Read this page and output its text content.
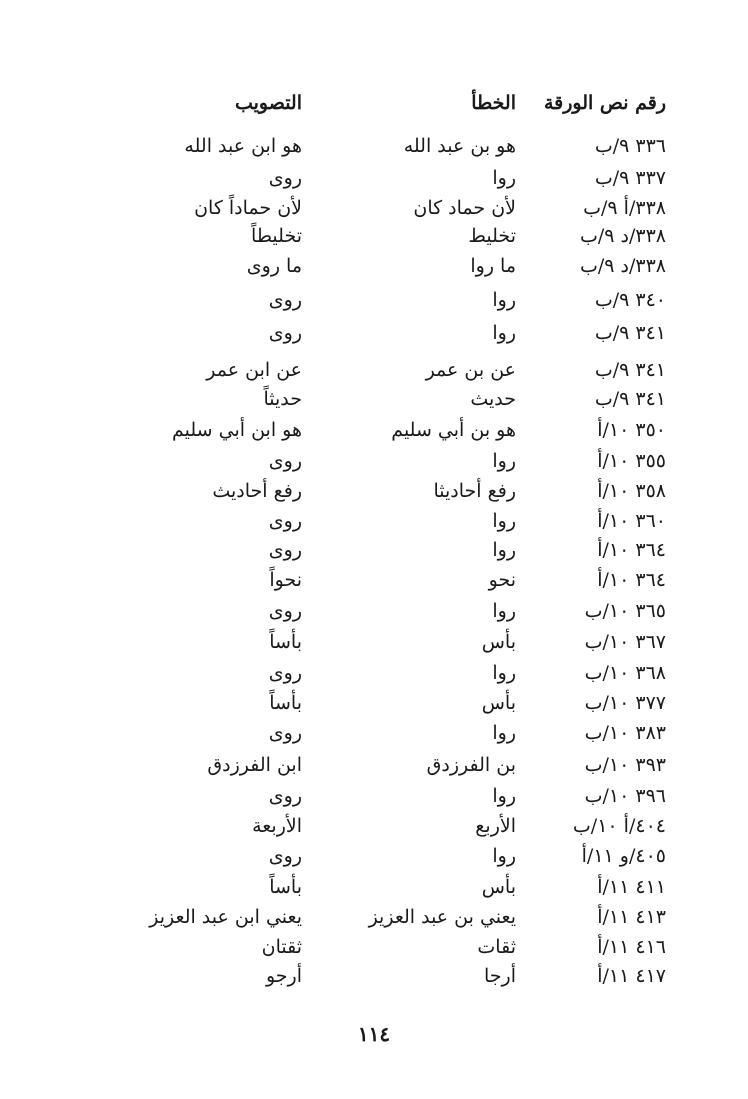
رقم نص الورقة
الخطأ
التصويب
٣٣٦ ٩/ب
هو بن عبد الله
هو ابن عبد الله
٣٣٧ ٩/ب
روا
روى
٣٣٨/أ ٩/ب
لأن حماد كان
لأن حماداً كان
٣٣٨/د ٩/ب
تخليط
تخليطاً
٣٣٨/د ٩/ب
ما روا
ما روى
٣٤٠ ٩/ب
روا
روى
٣٤١ ٩/ب
روا
روى
٣٤١ ٩/ب
عن بن عمر
عن ابن عمر
٣٤١ ٩/ب
حديث
حديثاً
٣٥٠ ١٠/أ
هو بن أبي سليم
هو ابن أبي سليم
٣٥٥ ١٠/أ
روا
روى
٣٥٨ ١٠/أ
رفع أحاديثا
رفع أحاديث
٣٦٠ ١٠/أ
روا
روى
٣٦٤ ١٠/أ
روا
روى
٣٦٤ ١٠/أ
نحو
نحواً
٣٦٥ ١٠/ب
روا
روى
٣٦٧ ١٠/ب
بأس
بأساً
٣٦٨ ١٠/ب
روا
روى
٣٧٧ ١٠/ب
بأس
بأساً
٣٨٣ ١٠/ب
روا
روى
٣٩٣ ١٠/ب
بن الفرزدق
ابن الفرزدق
٣٩٦ ١٠/ب
روا
روى
٤٠٤/أ ١٠/ب
الأربع
الأربعة
٤٠٥/و ١١/أ
روا
روى
٤١١ ١١/أ
بأس
بأساً
٤١٣ ١١/أ
يعني بن عبد العزيز
يعني ابن عبد العزيز
٤١٦ ١١/أ
ثقات
ثقتان
٤١٧ ١١/أ
أرجا
أرجو
١١٤
